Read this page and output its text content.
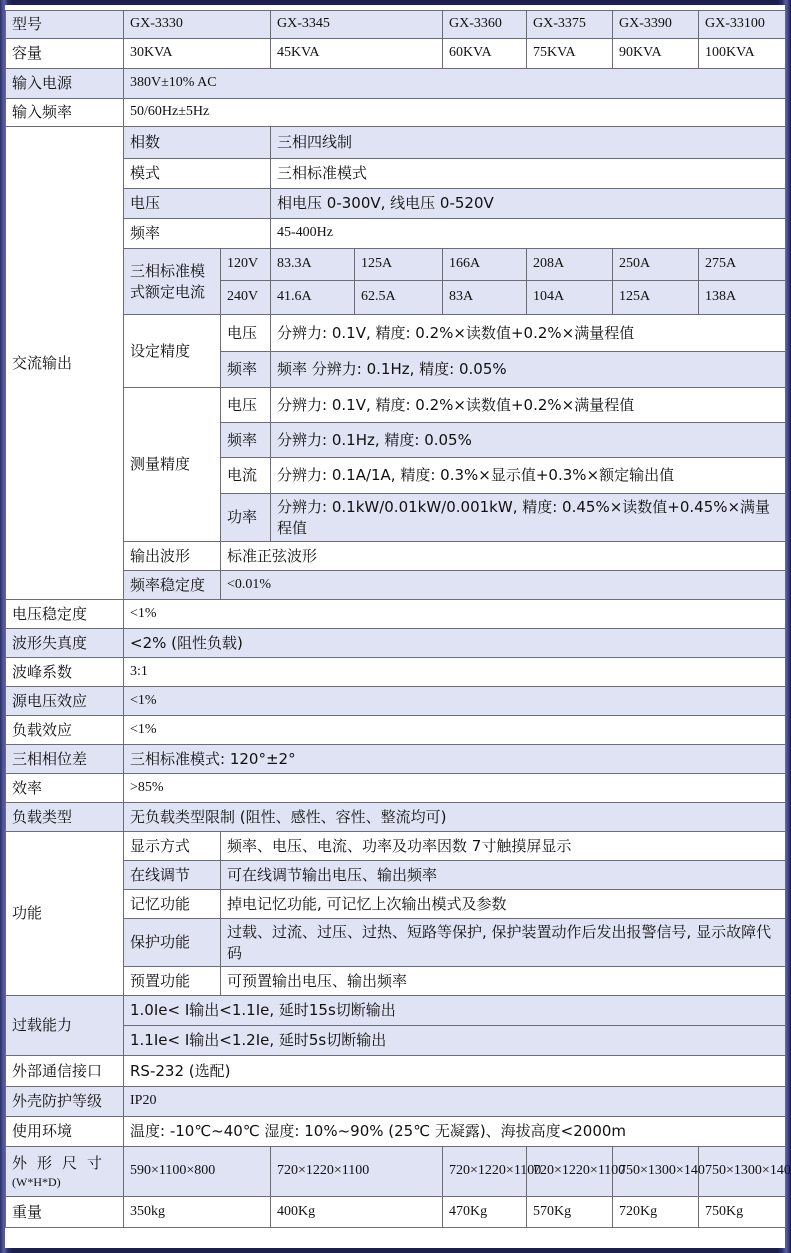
型号	GX-3330		GX-3345		GX-3360	GX-3375	GX-3390	GX-33100
容量	30KVA		45KVA		60KVA	75KVA	90KVA	100KVA
输入电源	380V±10% AC							
输入频率	50/60Hz±5Hz							
交流输出	相数		三相四线制					
	模式		三相标准模式					
	电压		相电压 0-300V, 线电压 0-520V					
	频率		45-400Hz					
	三相标准模式额定电流	120V	83.3A	125A	166A	208A	250A	275A
		240V	41.6A	62.5A	83A	104A	125A	138A
	设定精度	电压	分辨力: 0.1V, 精度: 0.2%×读数值+0.2%×满量程值					
		频率	频率 分辨力: 0.1Hz, 精度: 0.05%					
	测量精度	电压	分辨力: 0.1V, 精度: 0.2%×读数值+0.2%×满量程值					
		频率	分辨力: 0.1Hz, 精度: 0.05%					
		电流	分辨力: 0.1A/1A, 精度: 0.3%×显示值+0.3%×额定输出值					
		功率	分辨力: 0.1kW/0.01kW/0.001kW, 精度: 0.45%×读数值+0.45%×满量程值					
	输出波形	标准正弦波形						
	频率稳定度	<0.01%						
电压稳定度	<1%							
波形失真度	<2% (阻性负载)							
波峰系数	3:1							
源电压效应	<1%							
负载效应	<1%							
三相相位差	三相标准模式: 120°±2°							
效率	>85%							
负载类型	无负载类型限制 (阻性、感性、容性、整流均可)							
功能	显示方式	频率、电压、电流、功率及功率因数 7寸触摸屏显示						
	在线调节	可在线调节输出电压、输出频率						
	记忆功能	掉电记忆功能, 可记忆上次输出模式及参数						
	保护功能	过载、过流、过压、过热、短路等保护, 保护装置动作后发出报警信号, 显示故障代码						
	预置功能	可预置输出电压、输出频率						
过载能力	1.0Ie< I输出<1.1Ie, 延时15s切断输出							
	1.1Ie< I输出<1.2Ie, 延时5s切断输出							
外部通信接口	RS-232 (选配)							
外壳防护等级	IP20							
使用环境	温度: -10℃~40℃ 湿度: 10%~90% (25℃ 无凝露)、海拔高度<2000m							

外形尺寸
(W*H*D)	590×1100×800		720×1220×1100		720×1220×1100	720×1220×1100	750×1300×140	750×1300×140
重量	350kg		400Kg		470Kg	570Kg	720Kg	750Kg
